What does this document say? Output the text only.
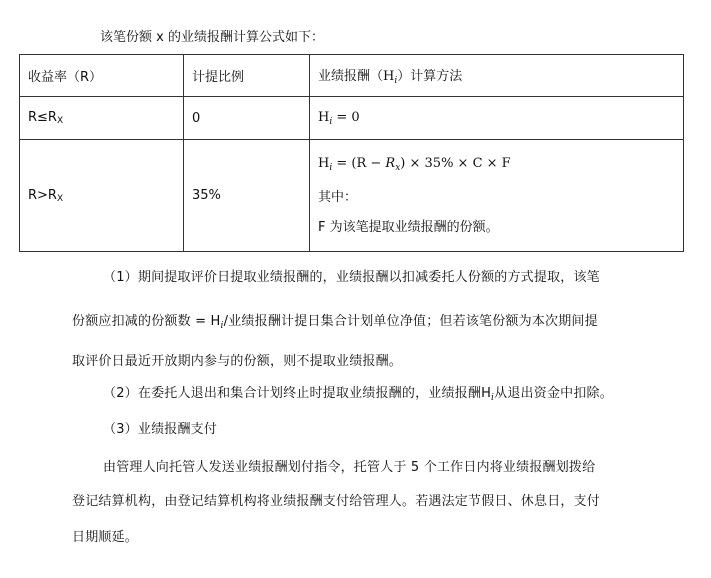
该笔份额 x 的业绩报酬计算公式如下：
收益率（R）	计提比例	业绩报酬$(H_i)$计算方法
R≤RX	0	$H_i = 0$
R>RX	35%	$H_i = (R - R_x) \times 35\% \times C \times F$
其中：
F 为该笔提取业绩报酬的份额。
（1）期间提取评价日提取业绩报酬的，业绩报酬以扣减委托人份额的方式提取，该笔
份额应扣减的份额数 = $H_i/$业绩报酬计提日集合计划单位净值；但若该笔份额为本次期间提
取评价日最近开放期内参与的份额，则不提取业绩报酬。
（2）在委托人退出和集合计划终止时提取业绩报酬的，业绩报酬$H_i$从退出资金中扣除。
（3）业绩报酬支付
由管理人向托管人发送业绩报酬划付指令，托管人于 5 个工作日内将业绩报酬划拨给
登记结算机构，由登记结算机构将业绩报酬支付给管理人。若遇法定节假日、休息日，支付
日期顺延。
